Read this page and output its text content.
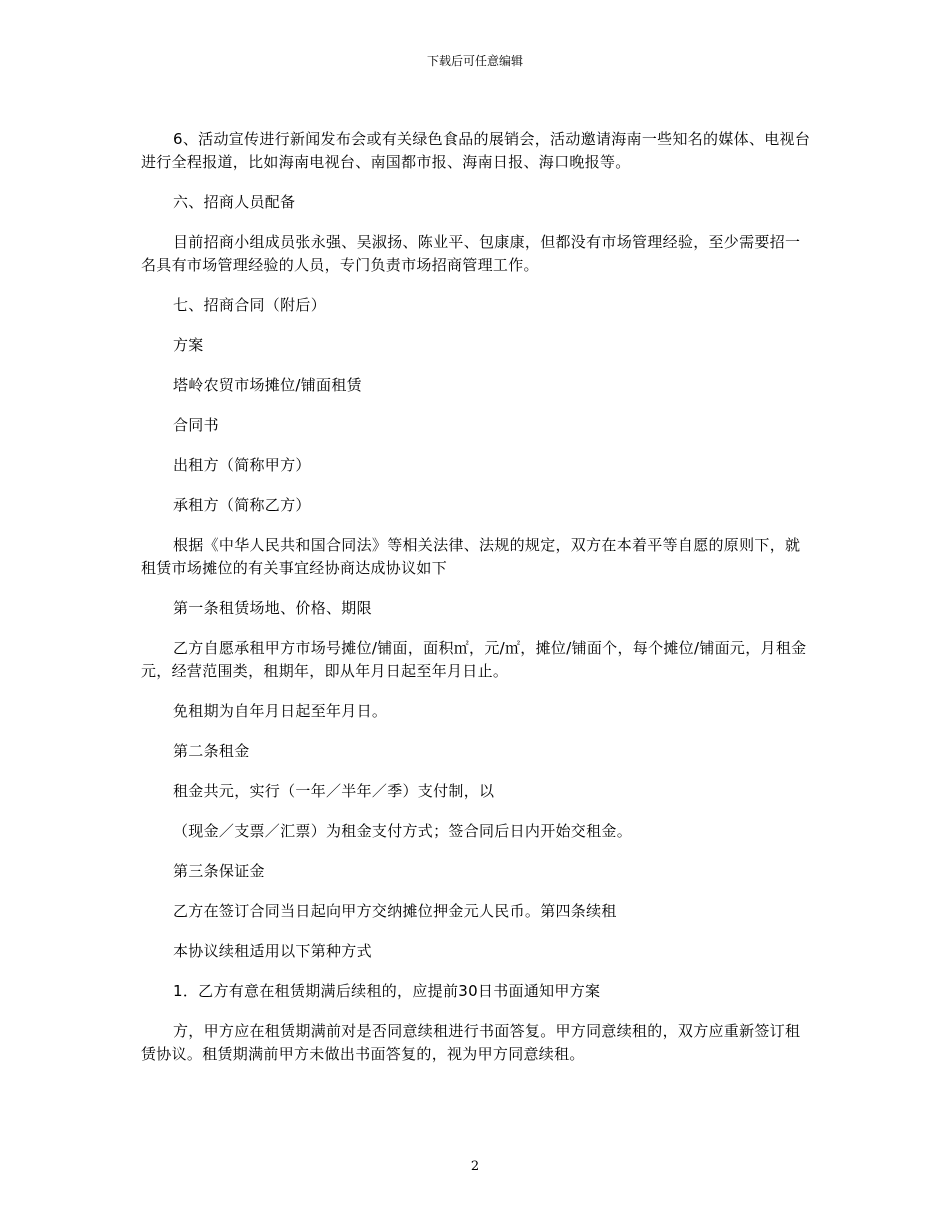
下载后可任意编辑

6、活动宣传进行新闻发布会或有关绿色食品的展销会，活动邀请海南一些知名的媒体、电视台进行全程报道，比如海南电视台、南国都市报、海南日报、海口晚报等。

六、招商人员配备

目前招商小组成员张永强、吴淑扬、陈业平、包康康，但都没有市场管理经验，至少需要招一名具有市场管理经验的人员，专门负责市场招商管理工作。

七、招商合同（附后）

方案

塔岭农贸市场摊位/铺面租赁

合同书

出租方（简称甲方）

承租方（简称乙方）

根据《中华人民共和国合同法》等相关法律、法规的规定，双方在本着平等自愿的原则下，就租赁市场摊位的有关事宜经协商达成协议如下

第一条租赁场地、价格、期限

乙方自愿承租甲方市场号摊位/铺面，面积㎡，元/㎡，摊位/铺面个，每个摊位/铺面元，月租金元，经营范围类，租期年，即从年月日起至年月日止。

免租期为自年月日起至年月日。

第二条租金

租金共元，实行（一年／半年／季）支付制，以

（现金／支票／汇票）为租金支付方式；签合同后日内开始交租金。

第三条保证金

乙方在签订合同当日起向甲方交纳摊位押金元人民币。第四条续租

本协议续租适用以下第种方式

1．乙方有意在租赁期满后续租的，应提前30日书面通知甲方案

方，甲方应在租赁期满前对是否同意续租进行书面答复。甲方同意续租的，双方应重新签订租赁协议。租赁期满前甲方未做出书面答复的，视为甲方同意续租。

2
